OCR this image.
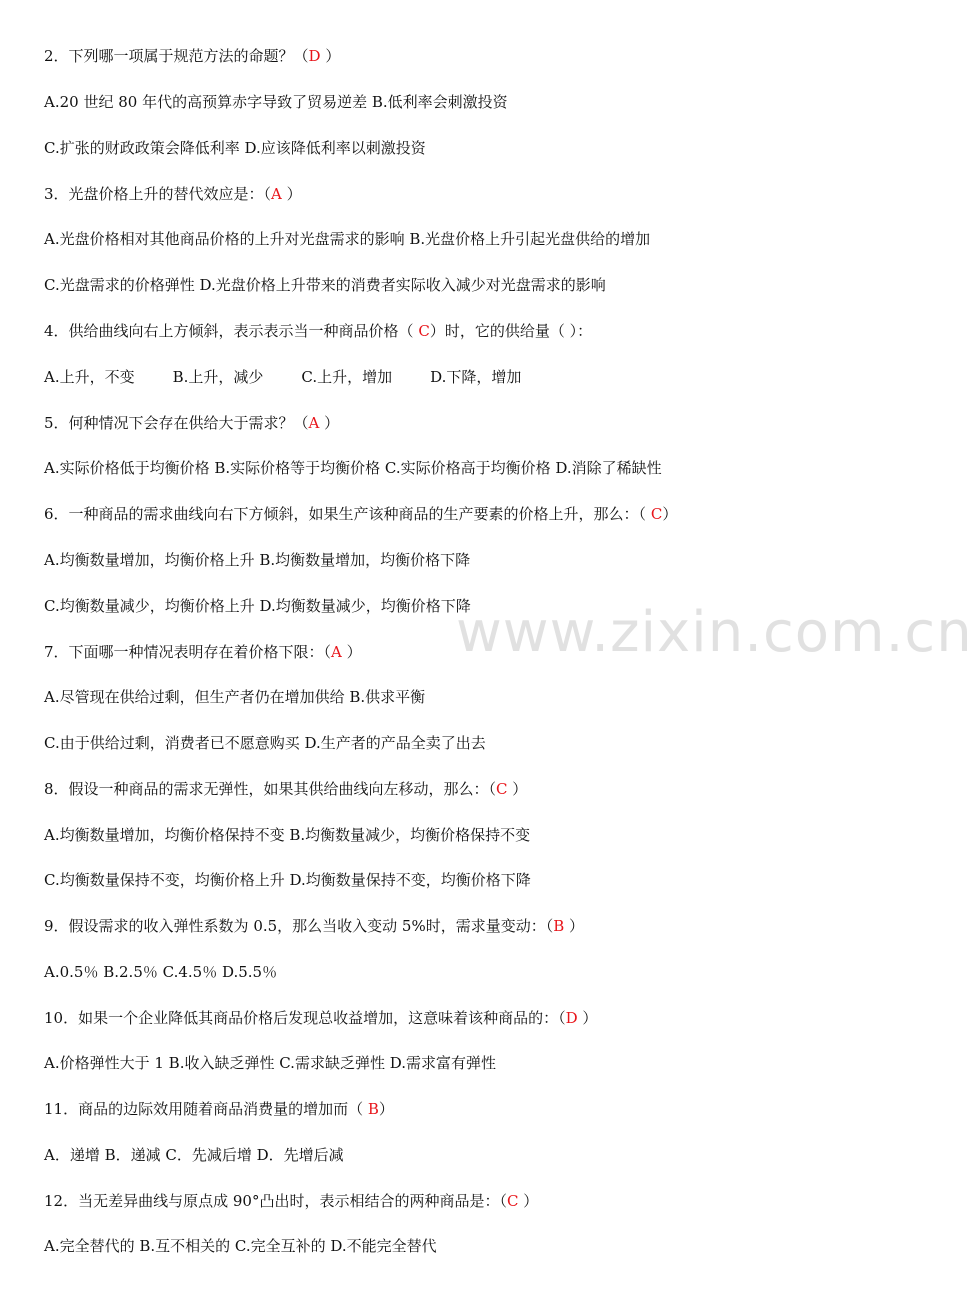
www.zixin.com.cn
2．下列哪一项属于规范方法的命题？（D ）
A.20 世纪 80 年代的高预算赤字导致了贸易逆差 B.低利率会刺激投资
C.扩张的财政政策会降低利率 D.应该降低利率以刺激投资
3．光盘价格上升的替代效应是：（A ）
A.光盘价格相对其他商品价格的上升对光盘需求的影响 B.光盘价格上升引起光盘供给的增加
C.光盘需求的价格弹性 D.光盘价格上升带来的消费者实际收入减少对光盘需求的影响
4．供给曲线向右上方倾斜，表示表示当一种商品价格（ C）时，它的供给量（ ）：
A.上升，不变	B.上升，减少	C.上升，增加	D.下降，增加
5．何种情况下会存在供给大于需求？（A ）
A.实际价格低于均衡价格 B.实际价格等于均衡价格 C.实际价格高于均衡价格 D.消除了稀缺性
6．一种商品的需求曲线向右下方倾斜，如果生产该种商品的生产要素的价格上升，那么：（ C）
A.均衡数量增加，均衡价格上升 B.均衡数量增加，均衡价格下降
C.均衡数量减少，均衡价格上升 D.均衡数量减少，均衡价格下降
7．下面哪一种情况表明存在着价格下限：（A ）
A.尽管现在供给过剩，但生产者仍在增加供给 B.供求平衡
C.由于供给过剩，消费者已不愿意购买 D.生产者的产品全卖了出去
8．假设一种商品的需求无弹性，如果其供给曲线向左移动，那么：（C ）
A.均衡数量增加，均衡价格保持不变 B.均衡数量减少，均衡价格保持不变
C.均衡数量保持不变，均衡价格上升 D.均衡数量保持不变，均衡价格下降
9．假设需求的收入弹性系数为 0.5，那么当收入变动 5%时，需求量变动：（B ）
A.0.5％ B.2.5％ C.4.5％ D.5.5％
10．如果一个企业降低其商品价格后发现总收益增加，这意味着该种商品的：（D ）
A.价格弹性大于 1 B.收入缺乏弹性 C.需求缺乏弹性 D.需求富有弹性
11．商品的边际效用随着商品消费量的增加而（ B）
A．递增 B．递减 C．先减后增 D．先增后减
12．当无差异曲线与原点成 90°凸出时，表示相结合的两种商品是：（C ）
A.完全替代的 B.互不相关的 C.完全互补的 D.不能完全替代
